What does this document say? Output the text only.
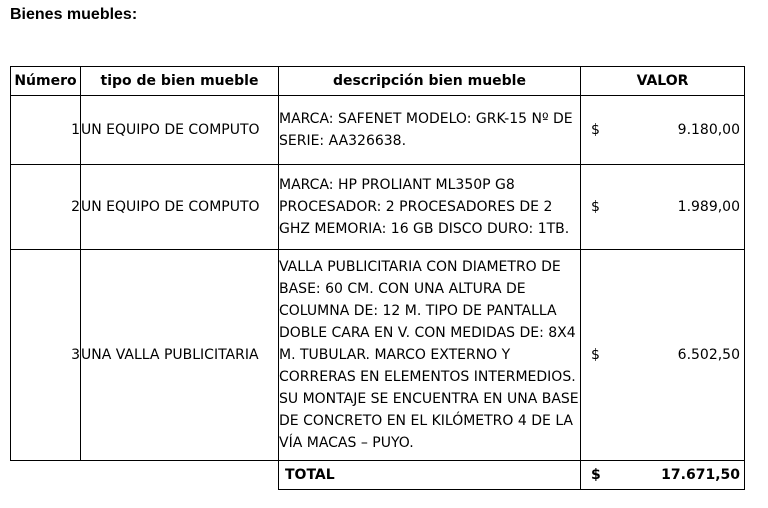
Bienes muebles:
Número	tipo de bien mueble	descripción bien mueble	VALOR
1	UN EQUIPO DE COMPUTO	MARCA: SAFENET MODELO: GRK-15 Nº DE SERIE: AA326638.	$ 9.180,00

2	UN EQUIPO DE COMPUTO	MARCA: HP PROLIANT ML350P G8 PROCESADOR: 2 PROCESADORES DE 2 GHZ MEMORIA: 16 GB DISCO DURO: 1TB.	$ 1.989,00

3	UNA VALLA PUBLICITARIA	VALLA PUBLICITARIA CON DIAMETRO DE BASE: 60 CM. CON UNA ALTURA DE COLUMNA DE: 12 M. TIPO DE PANTALLA DOBLE CARA EN V. CON MEDIDAS DE: 8X4 M. TUBULAR. MARCO EXTERNO Y CORRERAS EN ELEMENTOS INTERMEDIOS. SU MONTAJE SE ENCUENTRA EN UNA BASE DE CONCRETO EN EL KILÓMETRO 4 DE LA VÍA MACAS – PUYO.	$ 6.502,50

		TOTAL	$ 17.671,50
